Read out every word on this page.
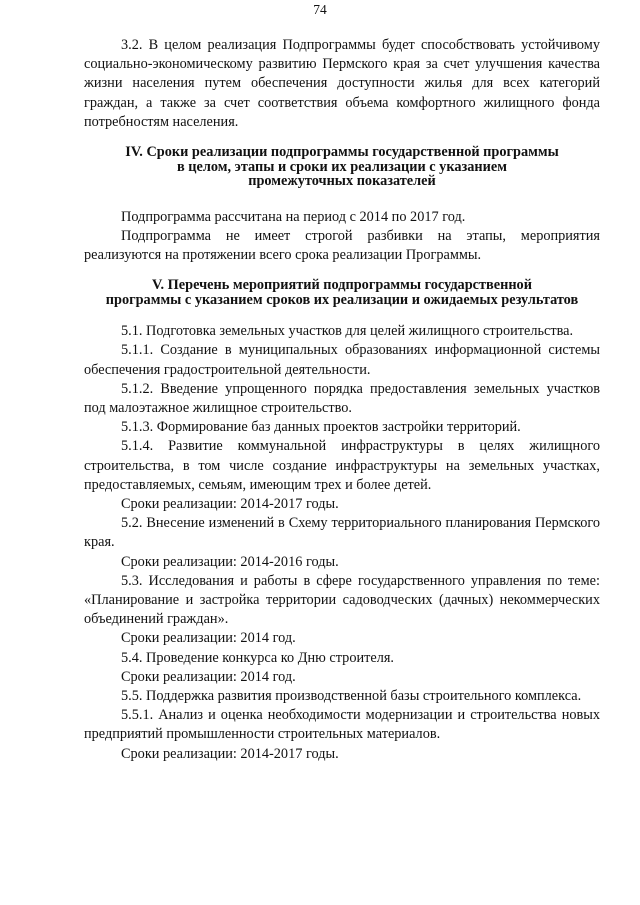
74

3.2. В целом реализация Подпрограммы будет способствовать устойчивому социально-экономическому развитию Пермского края за счет улучшения качества жизни населения путем обеспечения доступности жилья для всех категорий граждан, а также за счет соответствия объема комфортного жилищного фонда потребностям населения.

IV. Сроки реализации подпрограммы государственной программы
в целом, этапы и сроки их реализации с указанием
промежуточных показателей

Подпрограмма рассчитана на период с 2014 по 2017 год.

Подпрограмма не имеет строгой разбивки на этапы, мероприятия реализуются на протяжении всего срока реализации Программы.

V. Перечень мероприятий подпрограммы государственной
программы с указанием сроков их реализации и ожидаемых результатов

5.1. Подготовка земельных участков для целей жилищного строительства.

5.1.1. Создание в муниципальных образованиях информационной системы обеспечения градостроительной деятельности.

5.1.2. Введение упрощенного порядка предоставления земельных участков под малоэтажное жилищное строительство.

5.1.3. Формирование баз данных проектов застройки территорий.

5.1.4. Развитие коммунальной инфраструктуры в целях жилищного строительства, в том числе создание инфраструктуры на земельных участках, предоставляемых, семьям, имеющим трех и более детей.

Сроки реализации: 2014-2017 годы.

5.2. Внесение изменений в Схему территориального планирования Пермского края.

Сроки реализации: 2014-2016 годы.

5.3. Исследования и работы в сфере государственного управления по теме: «Планирование и застройка территории садоводческих (дачных) некоммерческих объединений граждан».

Сроки реализации: 2014 год.

5.4. Проведение конкурса ко Дню строителя.

Сроки реализации: 2014 год.

5.5. Поддержка развития производственной базы строительного комплекса.

5.5.1. Анализ и оценка необходимости модернизации и строительства новых предприятий промышленности строительных материалов.

Сроки реализации: 2014-2017 годы.
